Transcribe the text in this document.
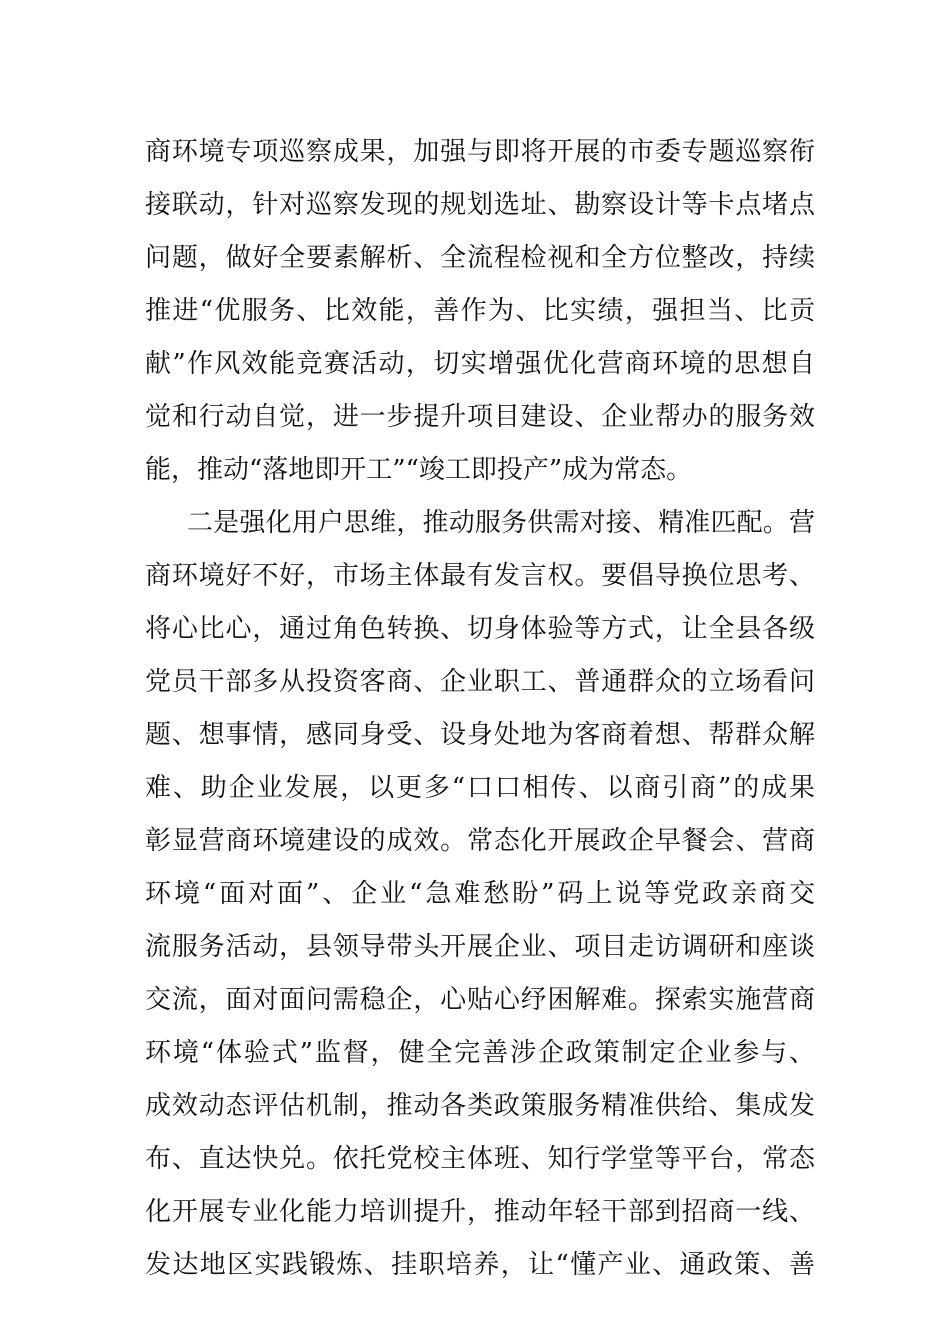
商环境专项巡察成果，加强与即将开展的市委专题巡察衔
接联动，针对巡察发现的规划选址、勘察设计等卡点堵点
问题，做好全要素解析、全流程检视和全方位整改，持续
推进“优服务、比效能，善作为、比实绩，强担当、比贡
献”作风效能竞赛活动，切实增强优化营商环境的思想自
觉和行动自觉，进一步提升项目建设、企业帮办的服务效
能，推动“落地即开工”“竣工即投产”成为常态。
二是强化用户思维，推动服务供需对接、精准匹配。营
商环境好不好，市场主体最有发言权。要倡导换位思考、
将心比心，通过角色转换、切身体验等方式，让全县各级
党员干部多从投资客商、企业职工、普通群众的立场看问
题、想事情，感同身受、设身处地为客商着想、帮群众解
难、助企业发展，以更多“口口相传、以商引商”的成果
彰显营商环境建设的成效。常态化开展政企早餐会、营商
环境“面对面”、企业“急难愁盼”码上说等党政亲商交
流服务活动，县领导带头开展企业、项目走访调研和座谈
交流，面对面问需稳企，心贴心纾困解难。探索实施营商
环境“体验式”监督，健全完善涉企政策制定企业参与、
成效动态评估机制，推动各类政策服务精准供给、集成发
布、直达快兑。依托党校主体班、知行学堂等平台，常态
化开展专业化能力培训提升，推动年轻干部到招商一线、
发达地区实践锻炼、挂职培养，让“懂产业、通政策、善
